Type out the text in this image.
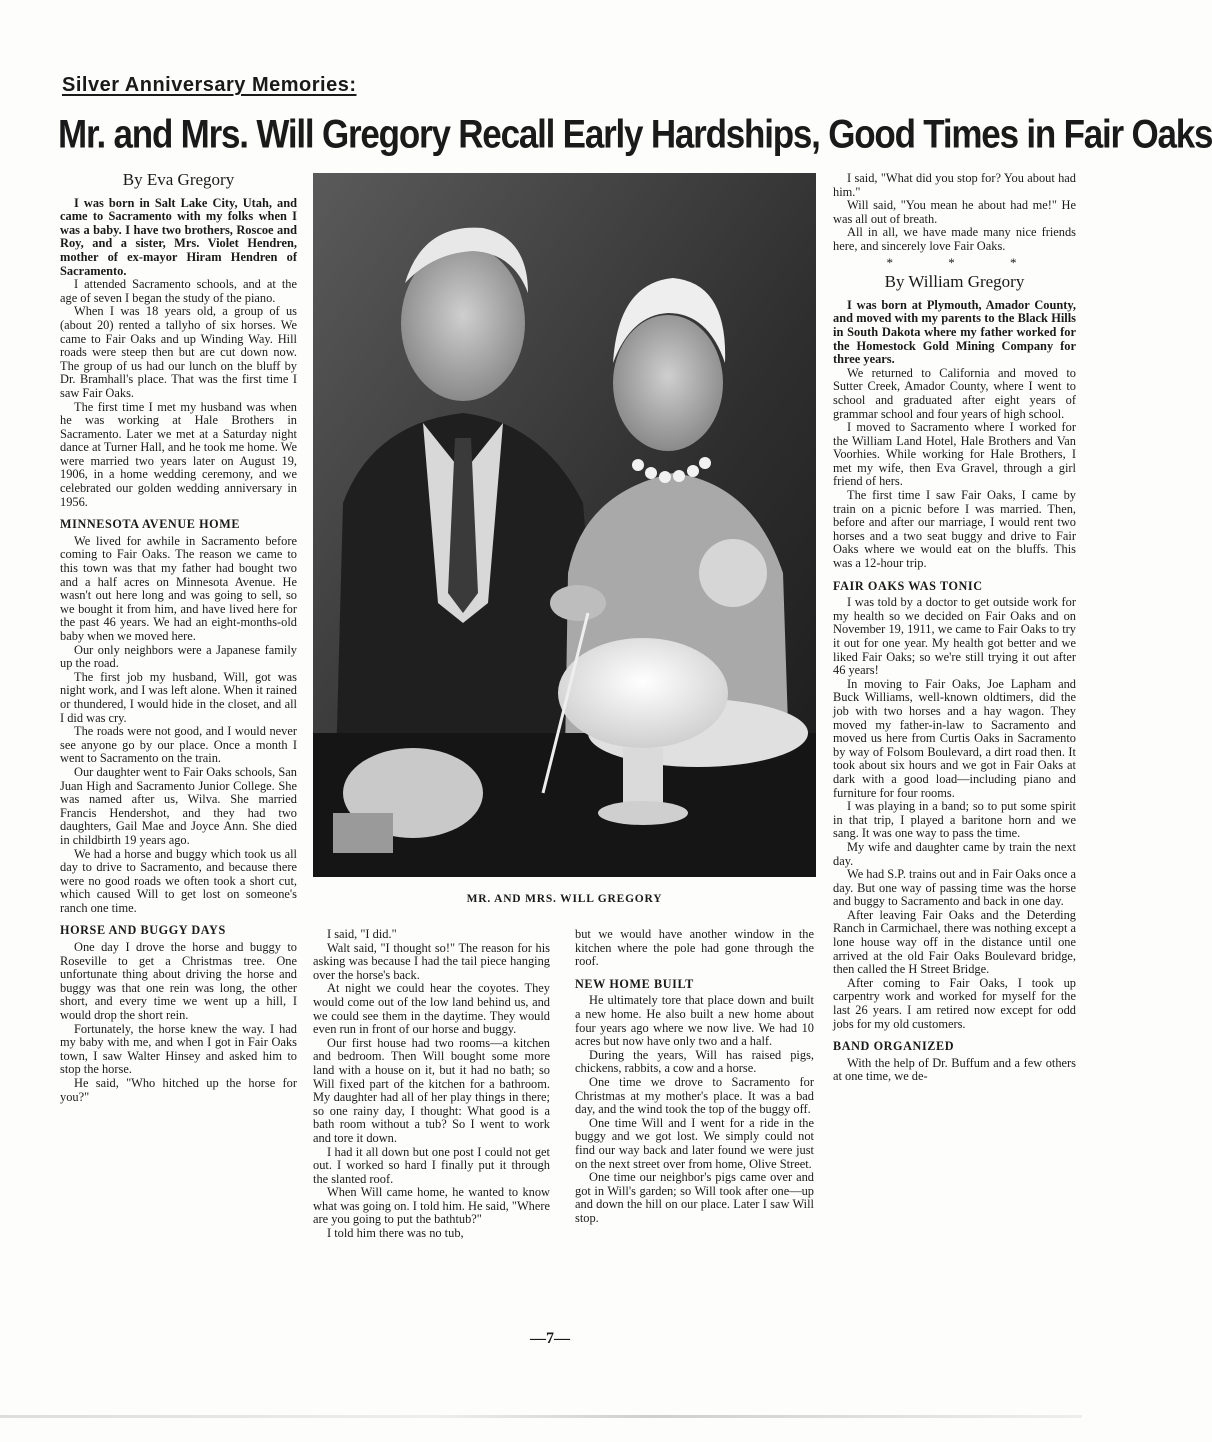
Silver Anniversary Memories:
Mr. and Mrs. Will Gregory Recall Early Hardships, Good Times in Fair Oaks
By Eva Gregory

I was born in Salt Lake City, Utah, and came to Sacramento with my folks when I was a baby. I have two brothers, Roscoe and Roy, and a sister, Mrs. Violet Hendren, mother of ex-mayor Hiram Hendren of Sacramento.

I attended Sacramento schools, and at the age of seven I began the study of the piano.

When I was 18 years old, a group of us (about 20) rented a tallyho of six horses. We came to Fair Oaks and up Winding Way. Hill roads were steep then but are cut down now. The group of us had our lunch on the bluff by Dr. Bramhall's place. That was the first time I saw Fair Oaks.

The first time I met my husband was when he was working at Hale Brothers in Sacramento. Later we met at a Saturday night dance at Turner Hall, and he took me home. We were married two years later on August 19, 1906, in a home wedding ceremony, and we celebrated our golden wedding anniversary in 1956.

MINNESOTA AVENUE HOME

We lived for awhile in Sacramento before coming to Fair Oaks. The reason we came to this town was that my father had bought two and a half acres on Minnesota Avenue. He wasn't out here long and was going to sell, so we bought it from him, and have lived here for the past 46 years. We had an eight-months-old baby when we moved here.

Our only neighbors were a Japanese family up the road.

The first job my husband, Will, got was night work, and I was left alone. When it rained or thundered, I would hide in the closet, and all I did was cry.

The roads were not good, and I would never see anyone go by our place. Once a month I went to Sacramento on the train.

Our daughter went to Fair Oaks schools, San Juan High and Sacramento Junior College. She was named after us, Wilva. She married Francis Hendershot, and they had two daughters, Gail Mae and Joyce Ann. She died in childbirth 19 years ago.

We had a horse and buggy which took us all day to drive to Sacramento, and because there were no good roads we often took a short cut, which caused Will to get lost on someone's ranch one time.

HORSE AND BUGGY DAYS

One day I drove the horse and buggy to Roseville to get a Christmas tree. One unfortunate thing about driving the horse and buggy was that one rein was long, the other short, and every time we went up a hill, I would drop the short rein.

Fortunately, the horse knew the way. I had my baby with me, and when I got in Fair Oaks town, I saw Walter Hinsey and asked him to stop the horse.

He said, "Who hitched up the horse for you?"

MR. AND MRS. WILL GREGORY

I said, "I did."

Walt said, "I thought so!" The reason for his asking was because I had the tail piece hanging over the horse's back.

At night we could hear the coyotes. They would come out of the low land behind us, and we could see them in the daytime. They would even run in front of our horse and buggy.

Our first house had two rooms—a kitchen and bedroom. Then Will bought some more land with a house on it, but it had no bath; so Will fixed part of the kitchen for a bathroom. My daughter had all of her play things in there; so one rainy day, I thought: What good is a bath room without a tub? So I went to work and tore it down.

I had it all down but one post I could not get out. I worked so hard I finally put it through the slanted roof.

When Will came home, he wanted to know what was going on. I told him. He said, "Where are you going to put the bathtub?"

I told him there was no tub,

but we would have another window in the kitchen where the pole had gone through the roof.

NEW HOME BUILT

He ultimately tore that place down and built a new home. He also built a new home about four years ago where we now live. We had 10 acres but now have only two and a half.

During the years, Will has raised pigs, chickens, rabbits, a cow and a horse.

One time we drove to Sacramento for Christmas at my mother's place. It was a bad day, and the wind took the top of the buggy off.

One time Will and I went for a ride in the buggy and we got lost. We simply could not find our way back and later found we were just on the next street over from home, Olive Street.

One time our neighbor's pigs came over and got in Will's garden; so Will took after one—up and down the hill on our place. Later I saw Will stop.

I said, "What did you stop for? You about had him."

Will said, "You mean he about had me!" He was all out of breath.

All in all, we have made many nice friends here, and sincerely love Fair Oaks.

* * *
By William Gregory

I was born at Plymouth, Amador County, and moved with my parents to the Black Hills in South Dakota where my father worked for the Homestock Gold Mining Company for three years.

We returned to California and moved to Sutter Creek, Amador County, where I went to school and graduated after eight years of grammar school and four years of high school.

I moved to Sacramento where I worked for the William Land Hotel, Hale Brothers and Van Voorhies. While working for Hale Brothers, I met my wife, then Eva Gravel, through a girl friend of hers.

The first time I saw Fair Oaks, I came by train on a picnic before I was married. Then, before and after our marriage, I would rent two horses and a two seat buggy and drive to Fair Oaks where we would eat on the bluffs. This was a 12-hour trip.

FAIR OAKS WAS TONIC

I was told by a doctor to get outside work for my health so we decided on Fair Oaks and on November 19, 1911, we came to Fair Oaks to try it out for one year. My health got better and we liked Fair Oaks; so we're still trying it out after 46 years!

In moving to Fair Oaks, Joe Lapham and Buck Williams, well-known oldtimers, did the job with two horses and a hay wagon. They moved my father-in-law to Sacramento and moved us here from Curtis Oaks in Sacramento by way of Folsom Boulevard, a dirt road then. It took about six hours and we got in Fair Oaks at dark with a good load—including piano and furniture for four rooms.

I was playing in a band; so to put some spirit in that trip, I played a baritone horn and we sang. It was one way to pass the time.

My wife and daughter came by train the next day.

We had S.P. trains out and in Fair Oaks once a day. But one way of passing time was the horse and buggy to Sacramento and back in one day.

After leaving Fair Oaks and the Deterding Ranch in Carmichael, there was nothing except a lone house way off in the distance until one arrived at the old Fair Oaks Boulevard bridge, then called the H Street Bridge.

After coming to Fair Oaks, I took up carpentry work and worked for myself for the last 26 years. I am retired now except for odd jobs for my old customers.

BAND ORGANIZED

With the help of Dr. Buffum and a few others at one time, we de-

—7—
